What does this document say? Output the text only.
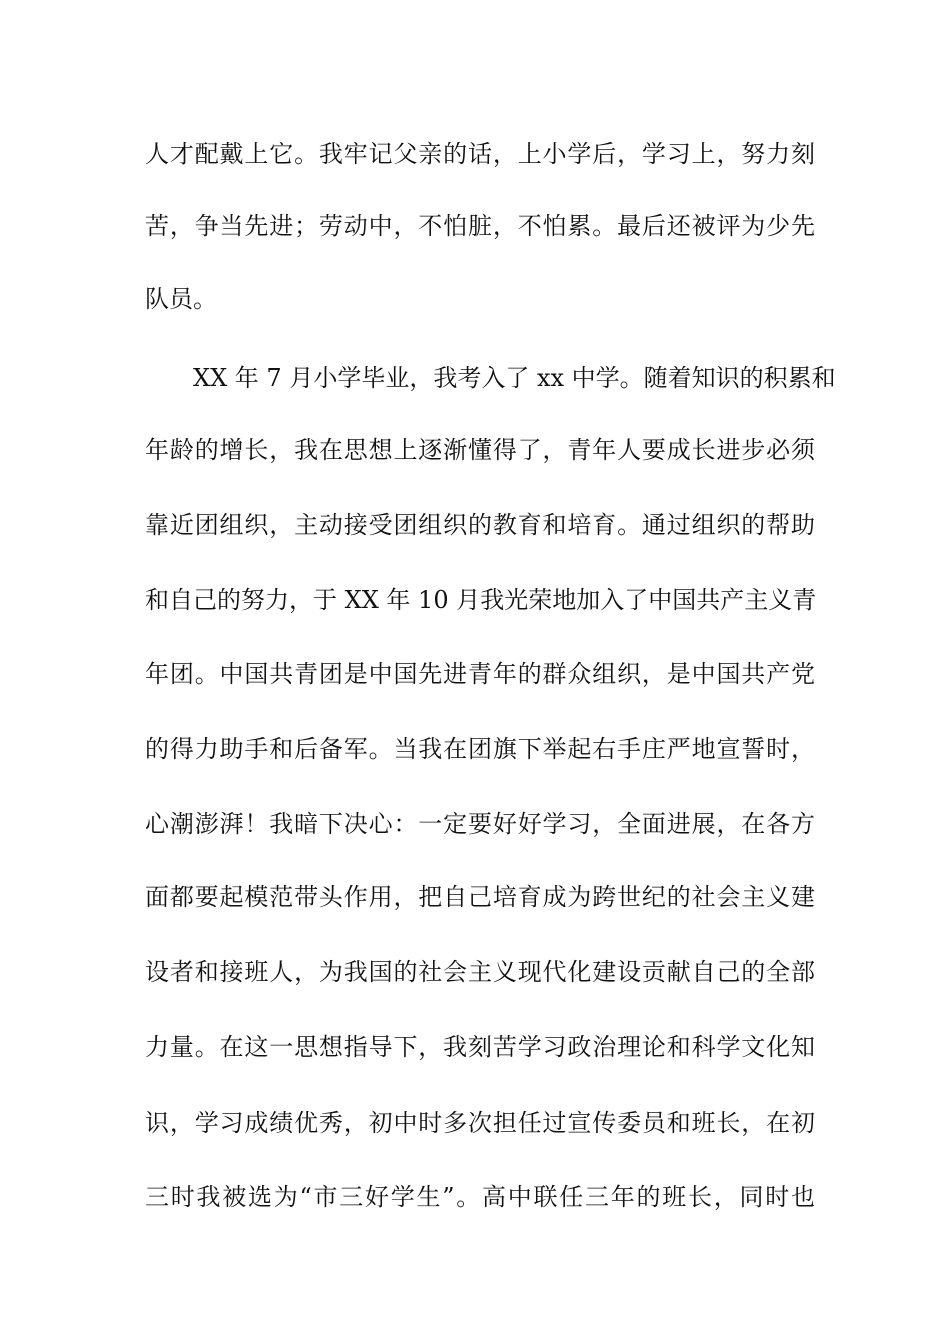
人才配戴上它。我牢记父亲的话，上小学后，学习上，努力刻
苦，争当先进；劳动中，不怕脏，不怕累。最后还被评为少先
队员。
XX 年 7 月小学毕业，我考入了 xx 中学。随着知识的积累和
年龄的增长，我在思想上逐渐懂得了，青年人要成长进步必须
靠近团组织，主动接受团组织的教育和培育。通过组织的帮助
和自己的努力，于 XX 年 10 月我光荣地加入了中国共产主义青
年团。中国共青团是中国先进青年的群众组织，是中国共产党
的得力助手和后备军。当我在团旗下举起右手庄严地宣誓时，
心潮澎湃！我暗下决心：一定要好好学习，全面进展，在各方
面都要起模范带头作用，把自己培育成为跨世纪的社会主义建
设者和接班人，为我国的社会主义现代化建设贡献自己的全部
力量。在这一思想指导下，我刻苦学习政治理论和科学文化知
识，学习成绩优秀，初中时多次担任过宣传委员和班长，在初
三时我被选为“市三好学生”。高中联任三年的班长，同时也
